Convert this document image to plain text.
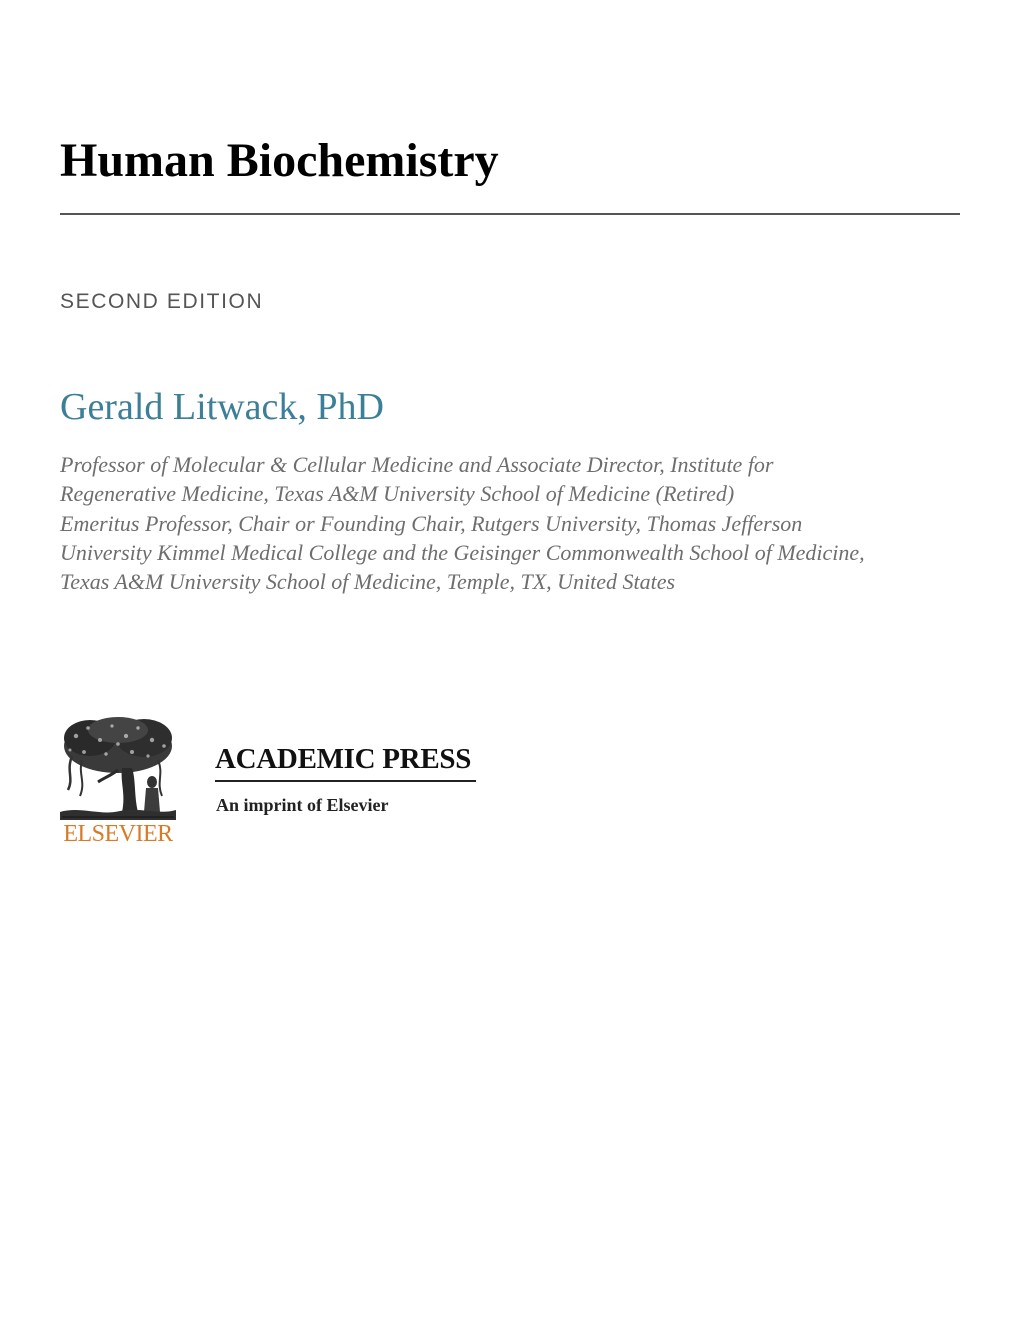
Human Biochemistry
SECOND EDITION
Gerald Litwack, PhD

Professor of Molecular & Cellular Medicine and Associate Director, Institute for
Regenerative Medicine, Texas A&M University School of Medicine (Retired)
Emeritus Professor, Chair or Founding Chair, Rutgers University, Thomas Jefferson
University Kimmel Medical College and the Geisinger Commonwealth School of Medicine,
Texas A&M University School of Medicine, Temple, TX, United States

ELSEVIER
ACADEMIC PRESS
An imprint of Elsevier
